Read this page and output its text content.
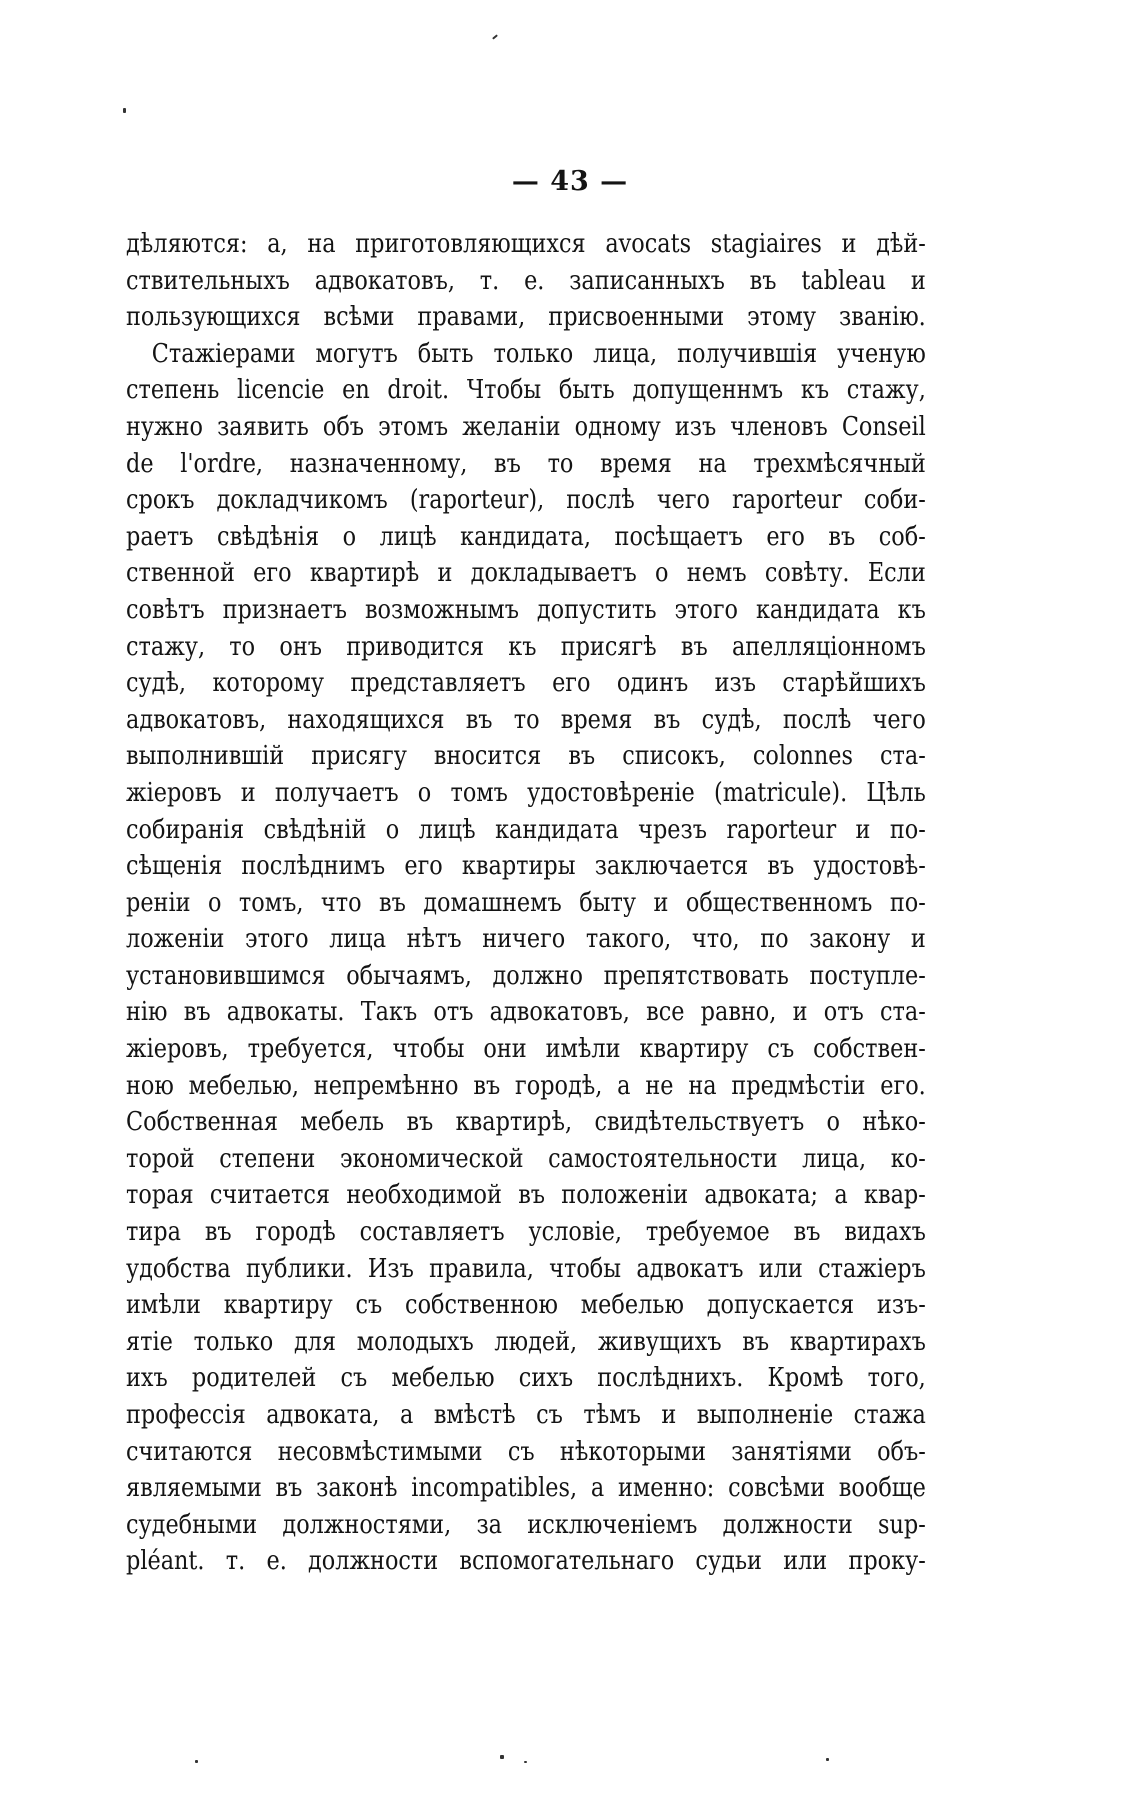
— 43 —
дѣляются: а, на приготовляющихся avocats stagiaires и дѣй-
ствительныхъ адвокатовъ, т. е. записанныхъ въ tableau и
пользующихся всѣми правами, присвоенными этому званію.
Стажіерами могутъ быть только лица, получившія ученую
степень licencie en droit. Чтобы быть допущеннмъ къ стажу,
нужно заявить объ этомъ желаніи одному изъ членовъ Conseil
de l'ordre, назначенному, въ то время на трехмѣсячный
срокъ докладчикомъ (raporteur), послѣ чего raporteur соби-
раетъ свѣдѣнія о лицѣ кандидата, посѣщаетъ его въ соб-
ственной его квартирѣ и докладываетъ о немъ совѣту. Если
совѣтъ признаетъ возможнымъ допустить этого кандидата къ
стажу, то онъ приводится къ присягѣ въ апелляціонномъ
судѣ, которому представляетъ его одинъ изъ старѣйшихъ
адвокатовъ, находящихся въ то время въ судѣ, послѣ чего
выполнившій присягу вносится въ списокъ, colonnes ста-
жіеровъ и получаетъ о томъ удостовѣреніе (matricule). Цѣль
собиранія свѣдѣній о лицѣ кандидата чрезъ raporteur и по-
сѣщенія послѣднимъ его квартиры заключается въ удостовѣ-
реніи о томъ, что въ домашнемъ быту и общественномъ по-
ложеніи этого лица нѣтъ ничего такого, что, по закону и
установившимся обычаямъ, должно препятствовать поступле-
нію въ адвокаты. Такъ отъ адвокатовъ, все равно, и отъ ста-
жіеровъ, требуется, чтобы они имѣли квартиру съ собствен-
ною мебелью, непремѣнно въ городѣ, а не на предмѣстіи его.
Собственная мебель въ квартирѣ, свидѣтельствуетъ о нѣко-
торой степени экономической самостоятельности лица, ко-
торая считается необходимой въ положеніи адвоката; а квар-
тира въ городѣ составляетъ условіе, требуемое въ видахъ
удобства публики. Изъ правила, чтобы адвокатъ или стажіеръ
имѣли квартиру съ собственною мебелью допускается изъ-
ятіе только для молодыхъ людей, живущихъ въ квартирахъ
ихъ родителей съ мебелью сихъ послѣднихъ. Кромѣ того,
профессія адвоката, а вмѣстѣ съ тѣмъ и выполненіе стажа
считаются несовмѣстимыми съ нѣкоторыми занятіями объ-
являемыми въ законѣ incompatibles, а именно: совсѣми вообще
судебными должностями, за исключеніемъ должности sup-
pléant. т. е. должности вспомогательнаго судьи или проку-
